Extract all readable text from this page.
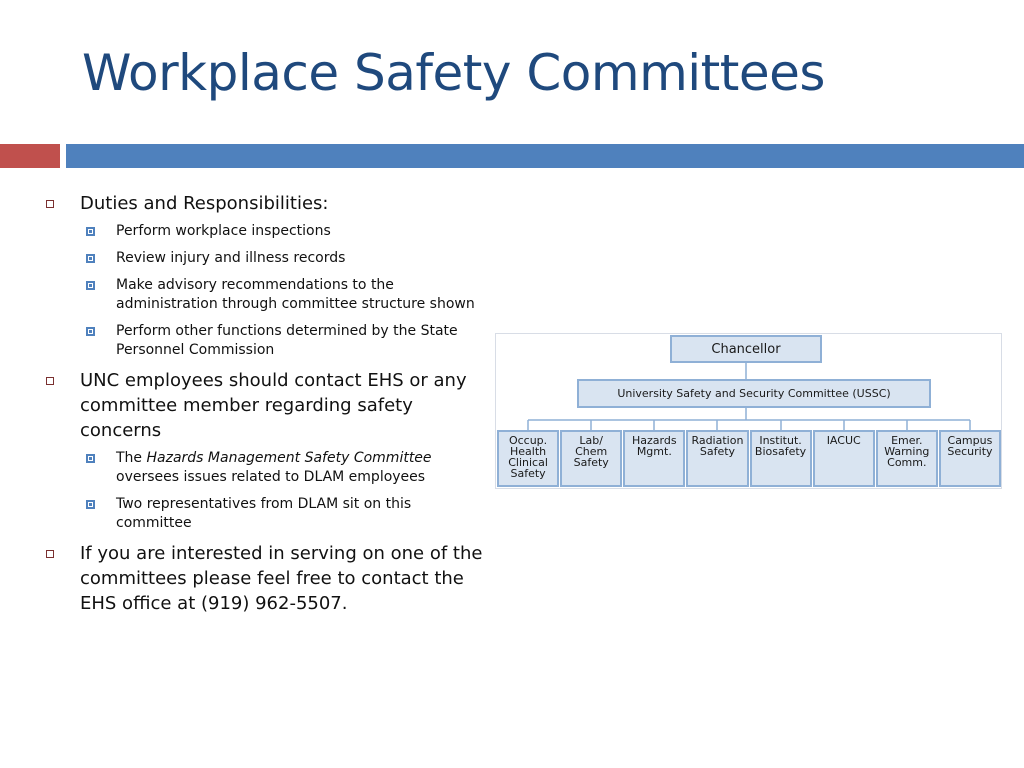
Workplace Safety Committees
Duties and Responsibilities:
Perform workplace inspections
Review injury and illness records
Make advisory recommendations to the administration through committee structure shown
Perform other functions determined by the State Personnel Commission
UNC employees should contact EHS or any committee member regarding safety concerns
The Hazards Management Safety Committee oversees issues related to DLAM employees
Two representatives from DLAM sit on this committee
If you are interested in serving on one of the committees please feel free to contact the EHS office at (919) 962-5507.
Chancellor
University Safety and Security Committee (USSC)
Occup.
Health
Clinical
Safety
Lab/
Chem
Safety
Hazards
Mgmt.
Radiation
Safety
Institut.
Biosafety
IACUC	Emer.
Warning
Comm.
Campus
Security
